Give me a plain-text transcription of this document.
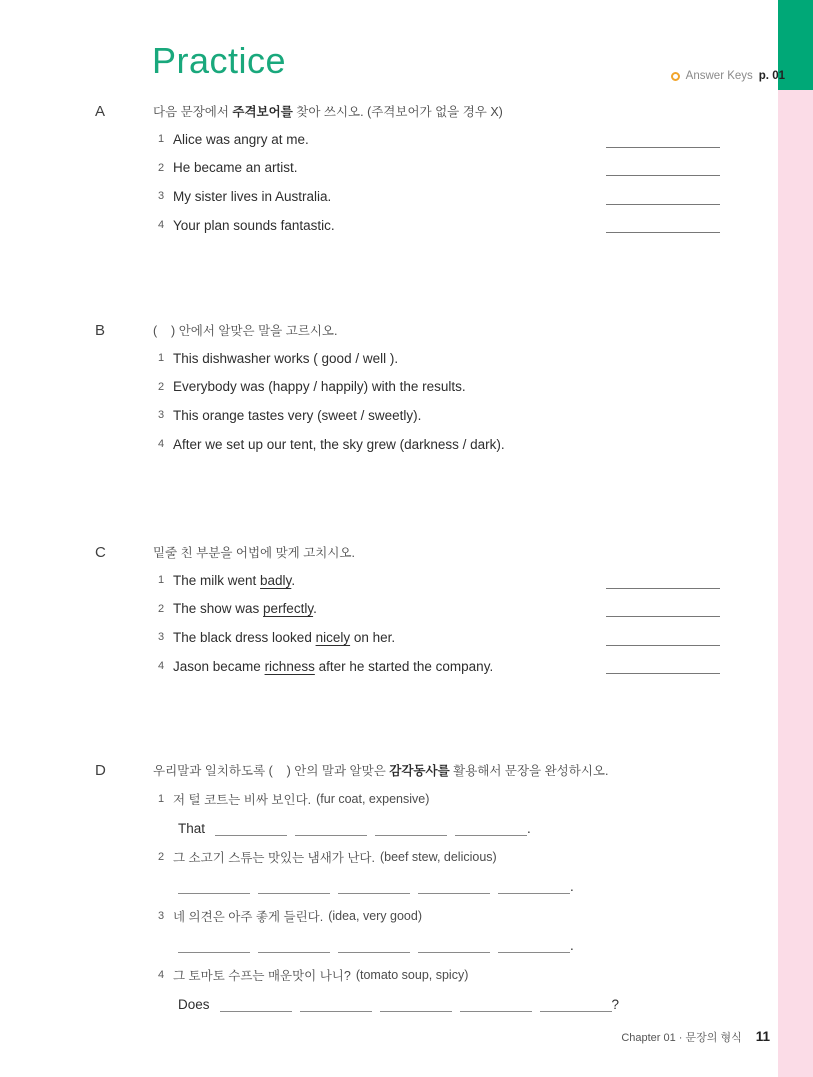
Practice	Answer Keys p. 01
A	다음 문장에서 주격보어를 찾아 쓰시오. (주격보어가 없을 경우 X)
1 Alice was angry at me.
2 He became an artist.
3 My sister lives in Australia.
4 Your plan sounds fantastic.
B	(    ) 안에서 알맞은 말을 고르시오.
1 This dishwasher works ( good / well ).
2 Everybody was (happy / happily) with the results.
3 This orange tastes very (sweet / sweetly).
4 After we set up our tent, the sky grew (darkness / dark).
C	밑줄 친 부분을 어법에 맞게 고치시오.
1 The milk went badly.
2 The show was perfectly.
3 The black dress looked nicely on her.
4 Jason became richness after he started the company.
D	우리말과 일치하도록 (    ) 안의 말과 알맞은 감각동사를 활용해서 문장을 완성하시오.
1 저 털 코트는 비싸 보인다. (fur coat, expensive)
That	.
2 그 소고기 스튜는 맛있는 냄새가 난다. (beef stew, delicious)
.
3 네 의견은 아주 좋게 들린다. (idea, very good)
.
4 그 토마토 수프는 매운맛이 나니? (tomato soup, spicy)
Does	?
Chapter 01 · 문장의 형식 11
